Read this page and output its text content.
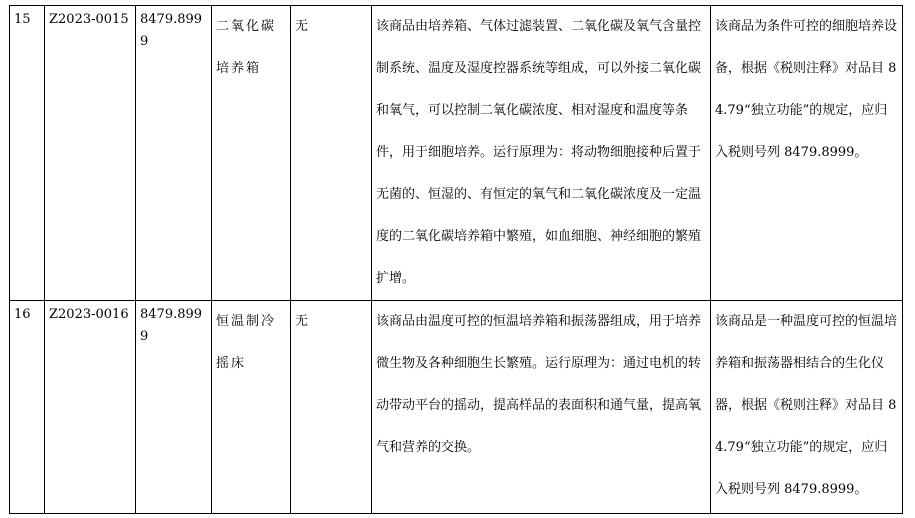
15	Z2023-0015	8479.8999	二氧化碳培养箱	无	该商品由培养箱、气体过滤装置、二氧化碳及氧气含量控制系统、温度及湿度控器系统等组成，可以外接二氧化碳和氧气，可以控制二氧化碳浓度、相对湿度和温度等条件，用于细胞培养。运行原理为：将动物细胞接种后置于无菌的、恒湿的、有恒定的氧气和二氧化碳浓度及一定温度的二氧化碳培养箱中繁殖，如血细胞、神经细胞的繁殖扩增。	该商品为条件可控的细胞培养设备，根据《税则注释》对品目 84.79“独立功能”的规定，应归入税则号列 8479.8999。
16	Z2023-0016	8479.8999	恒温制冷摇床	无	该商品由温度可控的恒温培养箱和振荡器组成，用于培养微生物及各种细胞生长繁殖。运行原理为：通过电机的转动带动平台的摇动，提高样品的表面积和通气量，提高氧气和营养的交换。	该商品是一种温度可控的恒温培养箱和振荡器相结合的生化仪器，根据《税则注释》对品目 84.79“独立功能”的规定，应归入税则号列 8479.8999。
